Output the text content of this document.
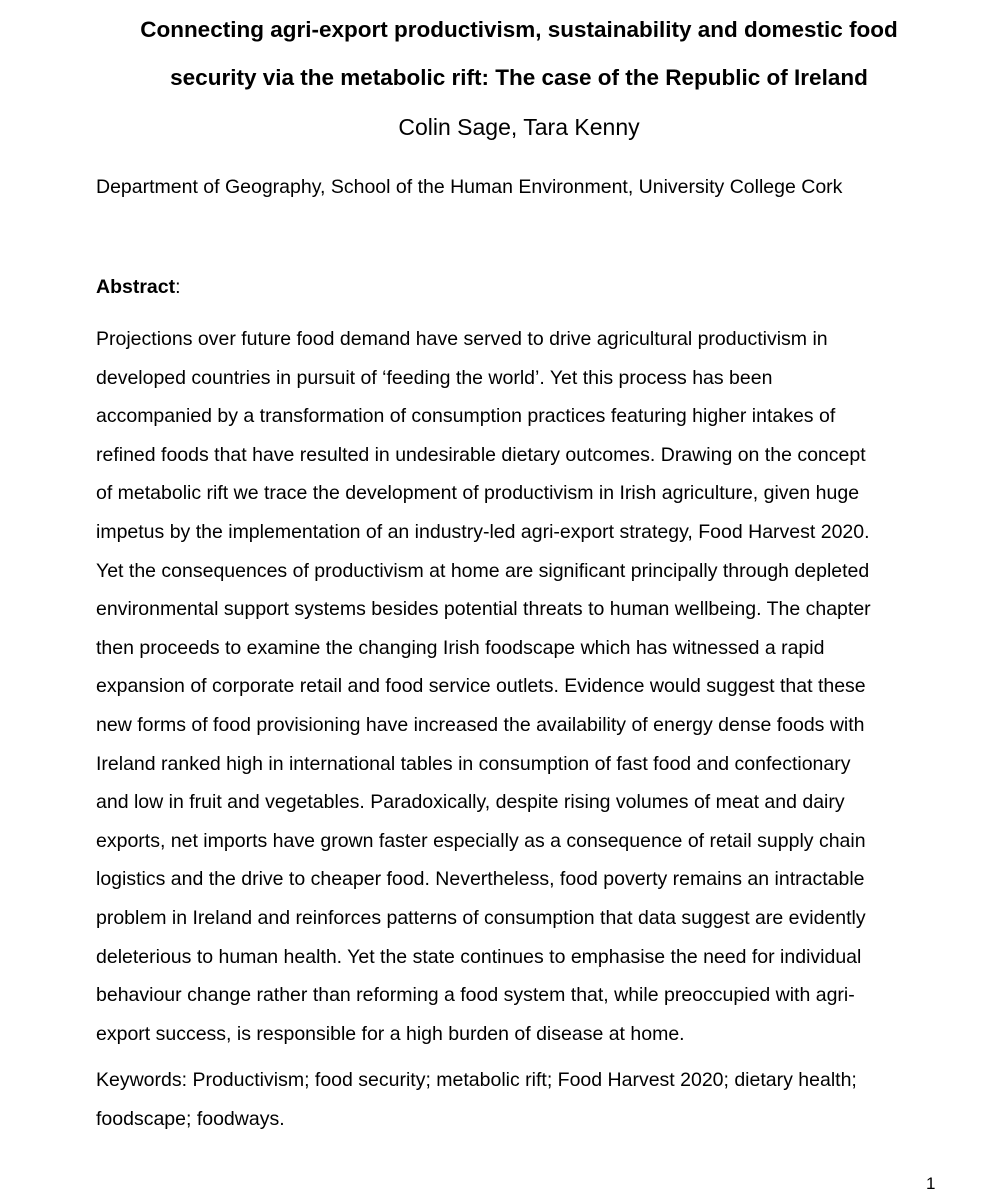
Connecting agri-export productivism, sustainability and domestic food
security via the metabolic rift: The case of the Republic of Ireland

Colin Sage, Tara Kenny

Department of Geography, School of the Human Environment, University College Cork

Abstract:

Projections over future food demand have served to drive agricultural productivism in
developed countries in pursuit of ‘feeding the world’. Yet this process has been
accompanied by a transformation of consumption practices featuring higher intakes of
refined foods that have resulted in undesirable dietary outcomes. Drawing on the concept
of metabolic rift we trace the development of productivism in Irish agriculture, given huge
impetus by the implementation of an industry-led agri-export strategy, Food Harvest 2020.
Yet the consequences of productivism at home are significant principally through depleted
environmental support systems besides potential threats to human wellbeing. The chapter
then proceeds to examine the changing Irish foodscape which has witnessed a rapid
expansion of corporate retail and food service outlets. Evidence would suggest that these
new forms of food provisioning have increased the availability of energy dense foods with
Ireland ranked high in international tables in consumption of fast food and confectionary
and low in fruit and vegetables. Paradoxically, despite rising volumes of meat and dairy
exports, net imports have grown faster especially as a consequence of retail supply chain
logistics and the drive to cheaper food. Nevertheless, food poverty remains an intractable
problem in Ireland and reinforces patterns of consumption that data suggest are evidently
deleterious to human health. Yet the state continues to emphasise the need for individual
behaviour change rather than reforming a food system that, while preoccupied with agri-
export success, is responsible for a high burden of disease at home.

Keywords: Productivism; food security; metabolic rift; Food Harvest 2020; dietary health;
foodscape; foodways.

1
